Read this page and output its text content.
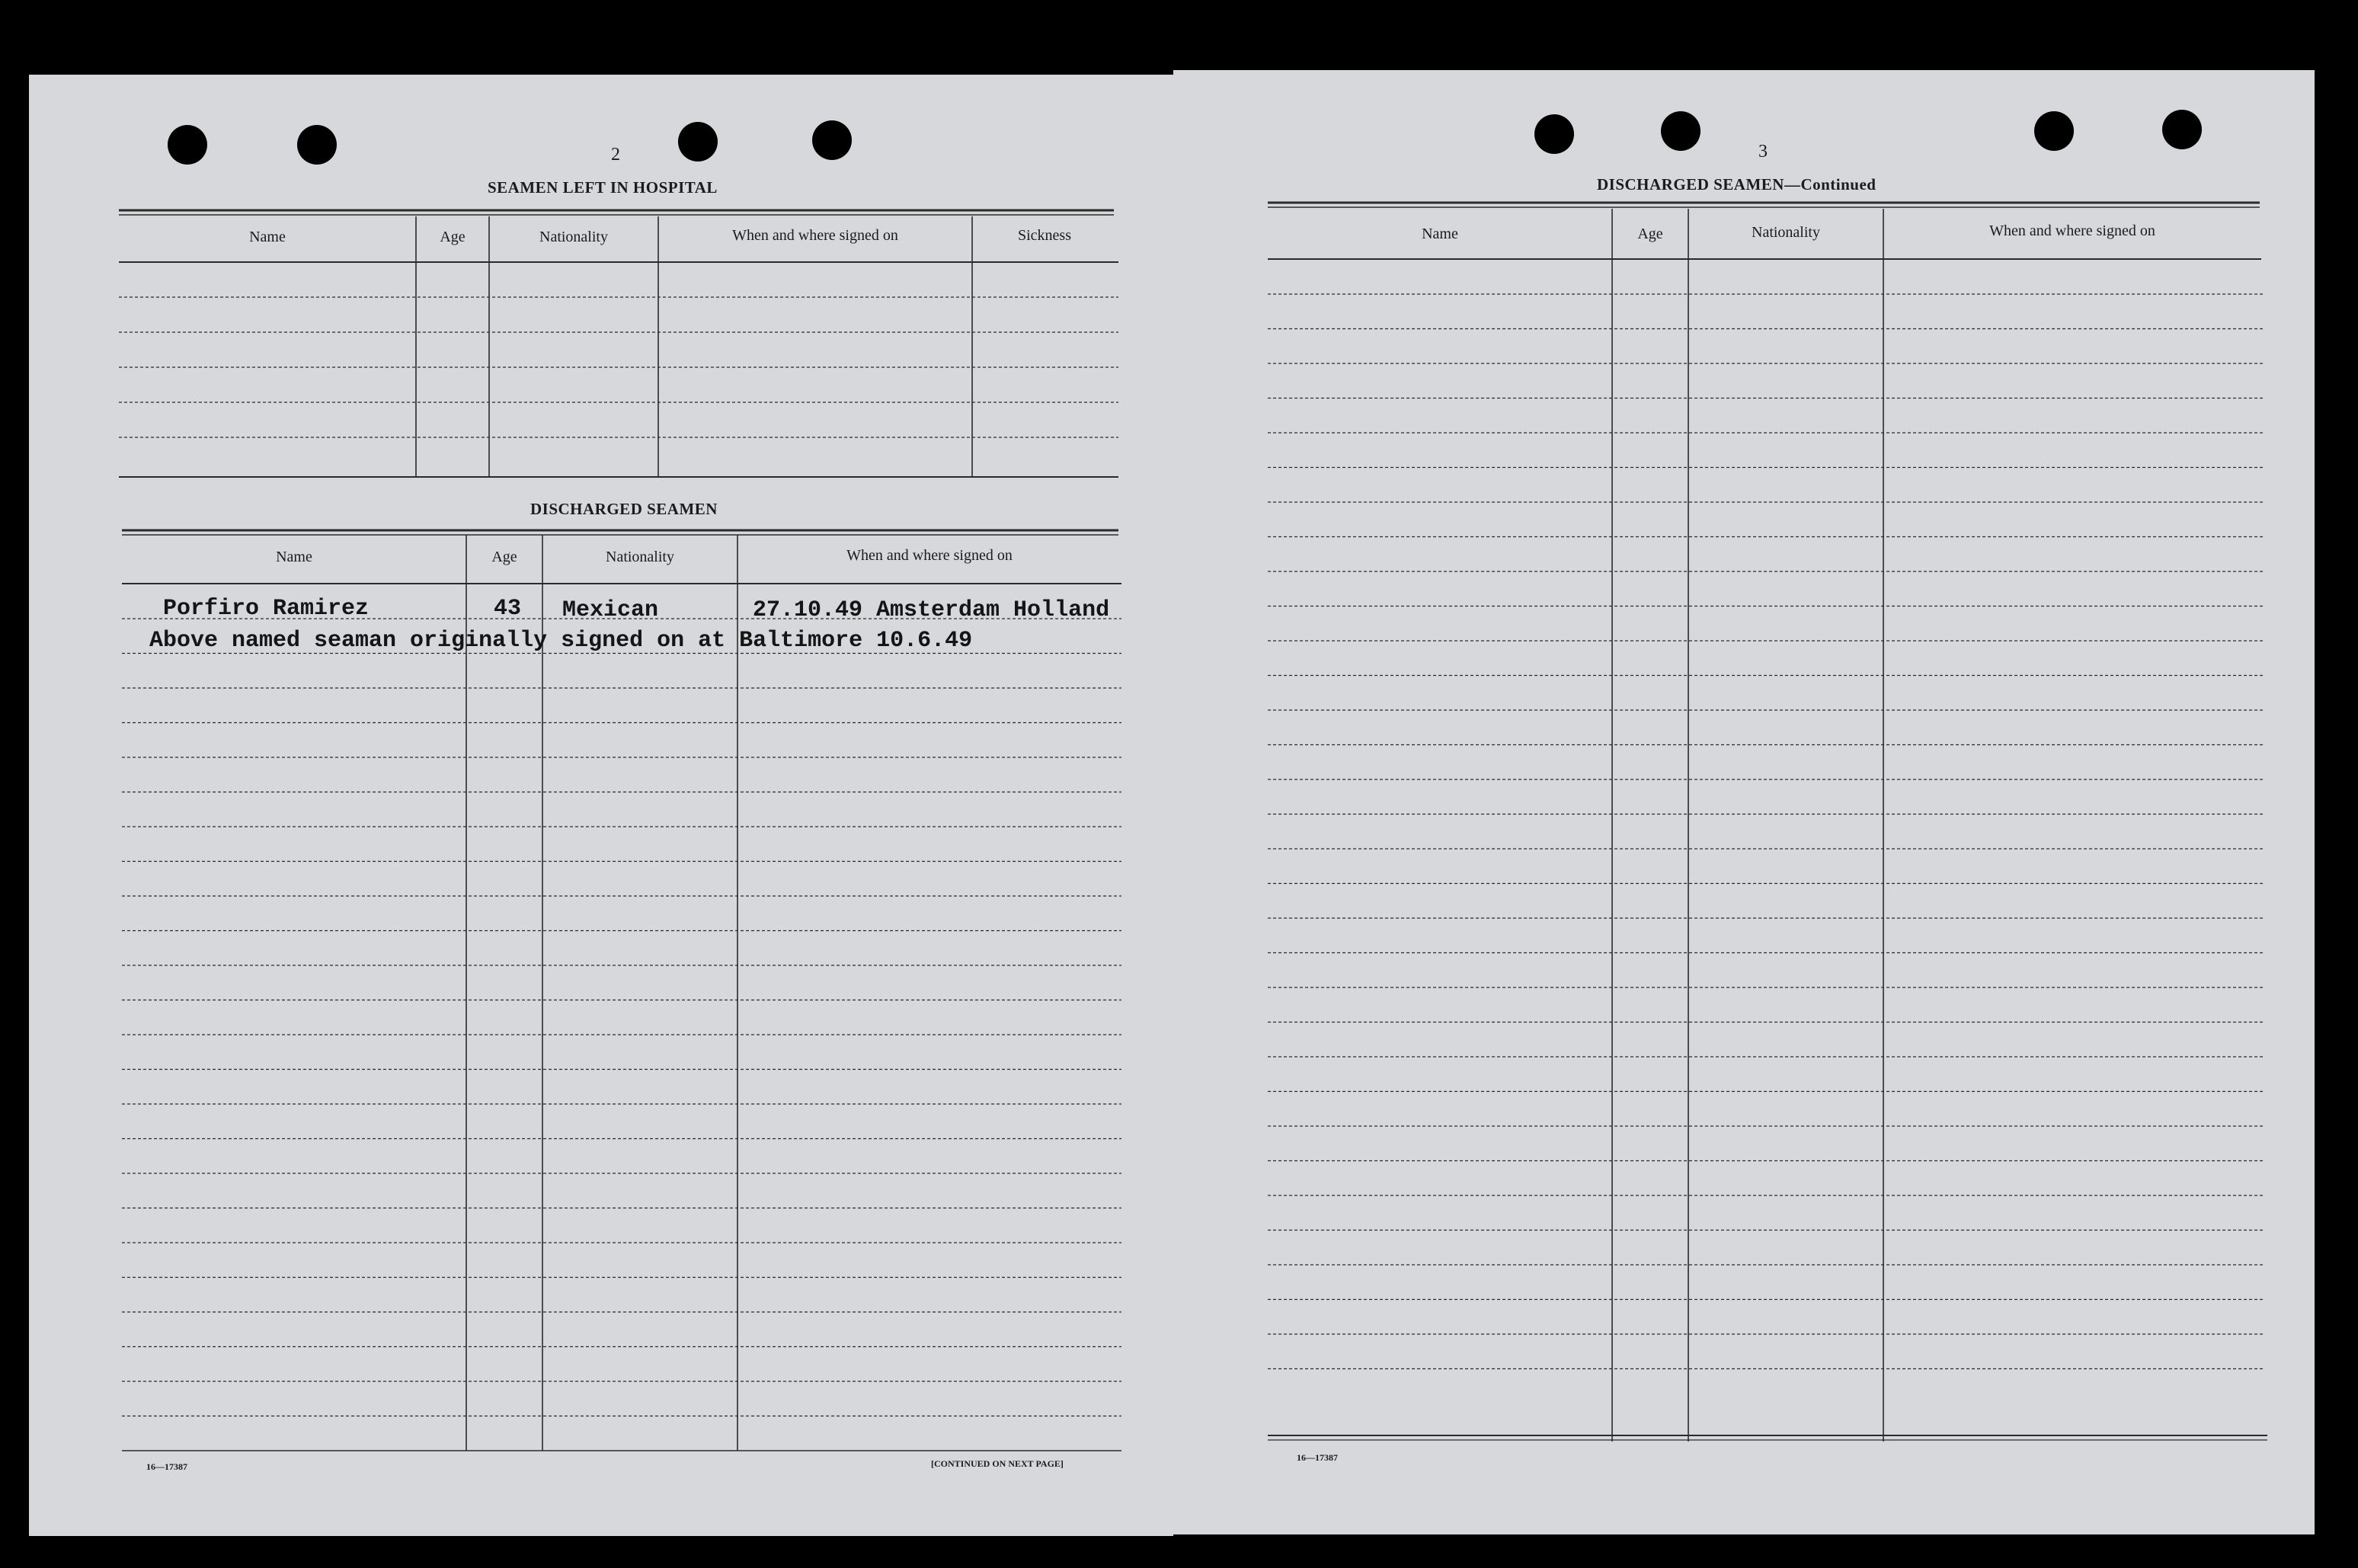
2
SEAMEN LEFT IN HOSPITAL
Name	Age	Nationality	When and where signed on	Sickness
DISCHARGED SEAMEN
Name	Age	Nationality	When and where signed on
Porfiro Ramirez	43 Mexican	27.10.49 Amsterdam Holland
Above named seaman originally signed on at Baltimore 10.6.49
16—17387	[CONTINUED ON NEXT PAGE]
3
DISCHARGED SEAMEN—Continued
Name	Age	Nationality	When and where signed on
16—17387
